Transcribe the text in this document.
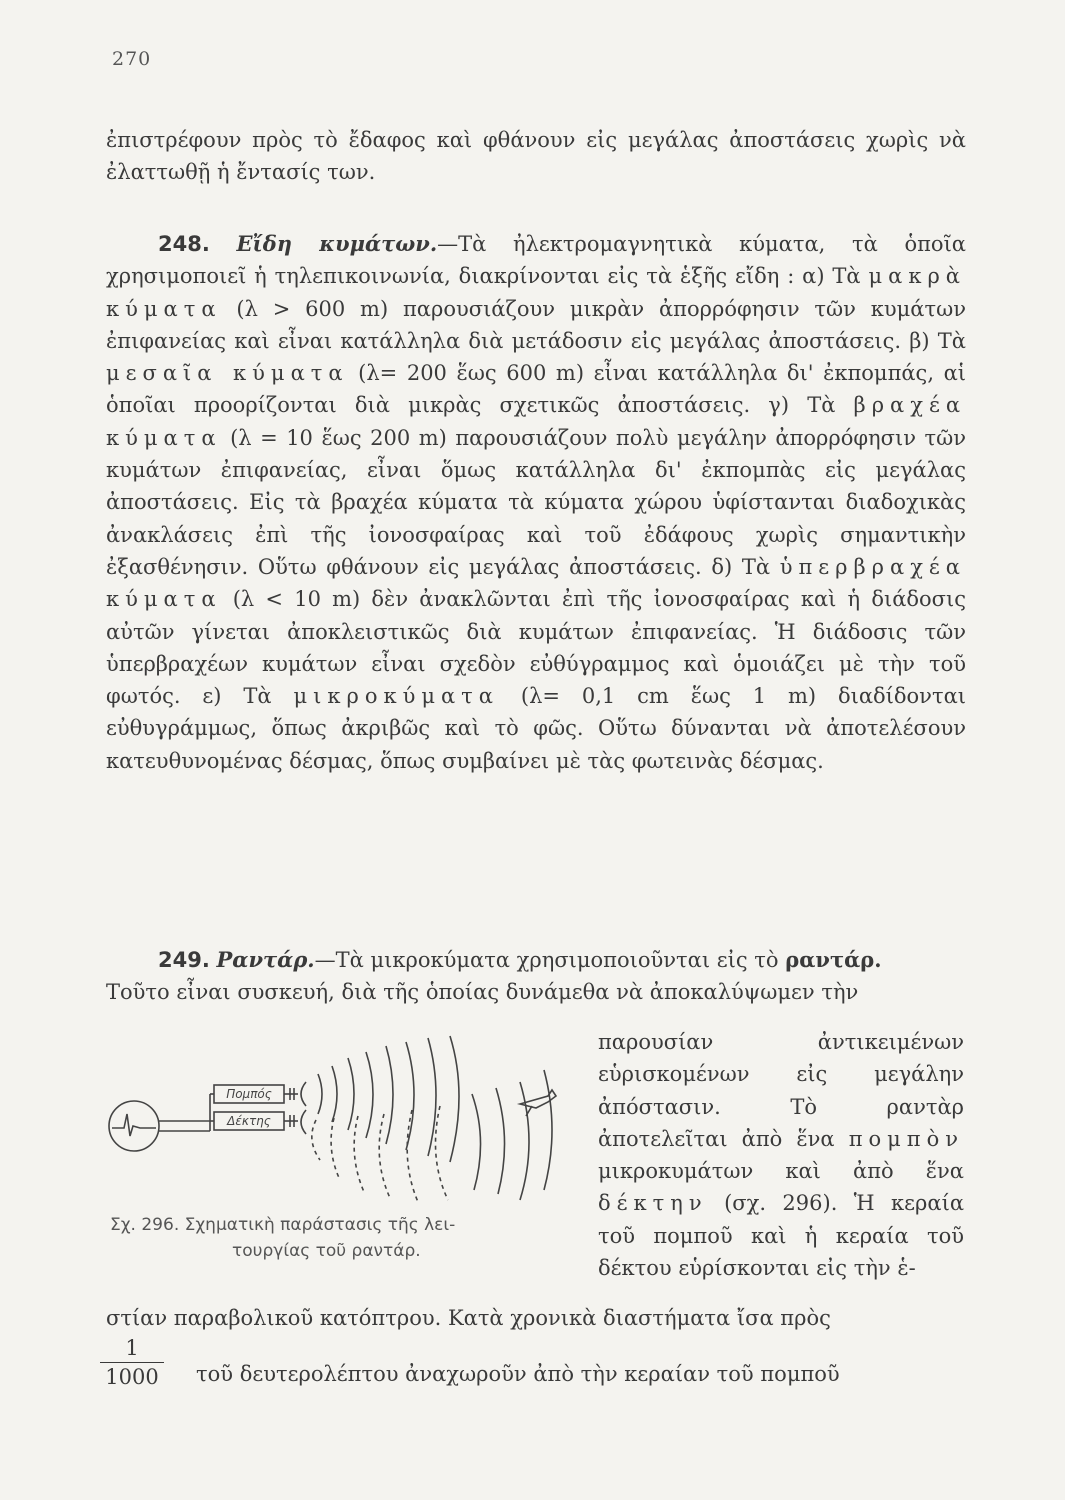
270

ἐπιστρέφουν πρὸς τὸ ἔδαφος καὶ φθάνουν εἰς μεγάλας ἀποστάσεις χωρὶς νὰ ἐλαττωθῇ ἡ ἔντασίς των.

248. Εἴδη κυμάτων.—Τὰ ἠλεκτρομαγνητικὰ κύματα, τὰ ὁποῖα χρησιμοποιεῖ ἡ τηλεπικοινωνία, διακρίνονται εἰς τὰ ἑξῆς εἴδη : α) Τὰ μακρὰ κύματα (λ > 600 m) παρουσιάζουν μικρὰν ἀπορρόφησιν τῶν κυμάτων ἐπιφανείας καὶ εἶναι κατάλληλα διὰ μετάδοσιν εἰς μεγάλας ἀποστάσεις. β) Τὰ μεσαῖα κύματα (λ= 200 ἕως 600 m) εἶναι κατάλληλα δι' ἐκπομπάς, αἱ ὁποῖαι προορίζονται διὰ μικρὰς σχετικῶς ἀποστάσεις. γ) Τὰ βραχέα κύματα (λ = 10 ἕως 200 m) παρουσιάζουν πολὺ μεγάλην ἀπορρόφησιν τῶν κυμάτων ἐπιφανείας, εἶναι ὅμως κατάλληλα δι' ἐκπομπὰς εἰς μεγάλας ἀποστάσεις. Εἰς τὰ βραχέα κύματα τὰ κύματα χώρου ὑφίστανται διαδοχικὰς ἀνακλάσεις ἐπὶ τῆς ἰονοσφαίρας καὶ τοῦ ἐδάφους χωρὶς σημαντικὴν ἐξασθένησιν. Οὕτω φθάνουν εἰς μεγάλας ἀποστάσεις. δ) Τὰ ὑπερβραχέα κύματα (λ < 10 m) δὲν ἀνακλῶνται ἐπὶ τῆς ἰονοσφαίρας καὶ ἡ διάδοσις αὐτῶν γίνεται ἀποκλειστικῶς διὰ κυμάτων ἐπιφανείας. Ἡ διάδοσις τῶν ὑπερβραχέων κυμάτων εἶναι σχεδὸν εὐθύγραμμος καὶ ὁμοιάζει μὲ τὴν τοῦ φωτός. ε) Τὰ μικροκύματα (λ= 0,1 cm ἕως 1 m) διαδίδονται εὐθυγράμμως, ὅπως ἀκριβῶς καὶ τὸ φῶς. Οὕτω δύνανται νὰ ἀποτελέσουν κατευθυνομένας δέσμας, ὅπως συμβαίνει μὲ τὰς φωτεινὰς δέσμας.

249. Ραντάρ.—Τὰ μικροκύματα χρησιμοποιοῦνται εἰς τὸ ραντάρ.
Τοῦτο εἶναι συσκευή, διὰ τῆς ὁποίας δυνάμεθα νὰ ἀποκαλύψωμεν τὴν
παρουσίαν ἀντικειμένων εὑρισκομένων εἰς μεγάλην ἀπόστασιν. Τὸ ραντὰρ ἀποτελεῖται ἀπὸ ἕνα πομπὸν μικροκυμάτων καὶ ἀπὸ ἕνα δέκτην (σχ. 296). Ἡ κεραία τοῦ πομποῦ καὶ ἡ κεραία τοῦ δέκτου εὑρίσκονται εἰς τὴν ἑ-
Πομπός
Δέκτης
Σχ. 296. Σχηματικὴ παράστασις τῆς λει-
τουργίας τοῦ ραντάρ.
στίαν παραβολικοῦ κατόπτρου. Κατὰ χρονικὰ διαστήματα ἴσα πρὸς
$\frac{1}{1000}$ τοῦ δευτερολέπτου ἀναχωροῦν ἀπὸ τὴν κεραίαν τοῦ πομποῦ
